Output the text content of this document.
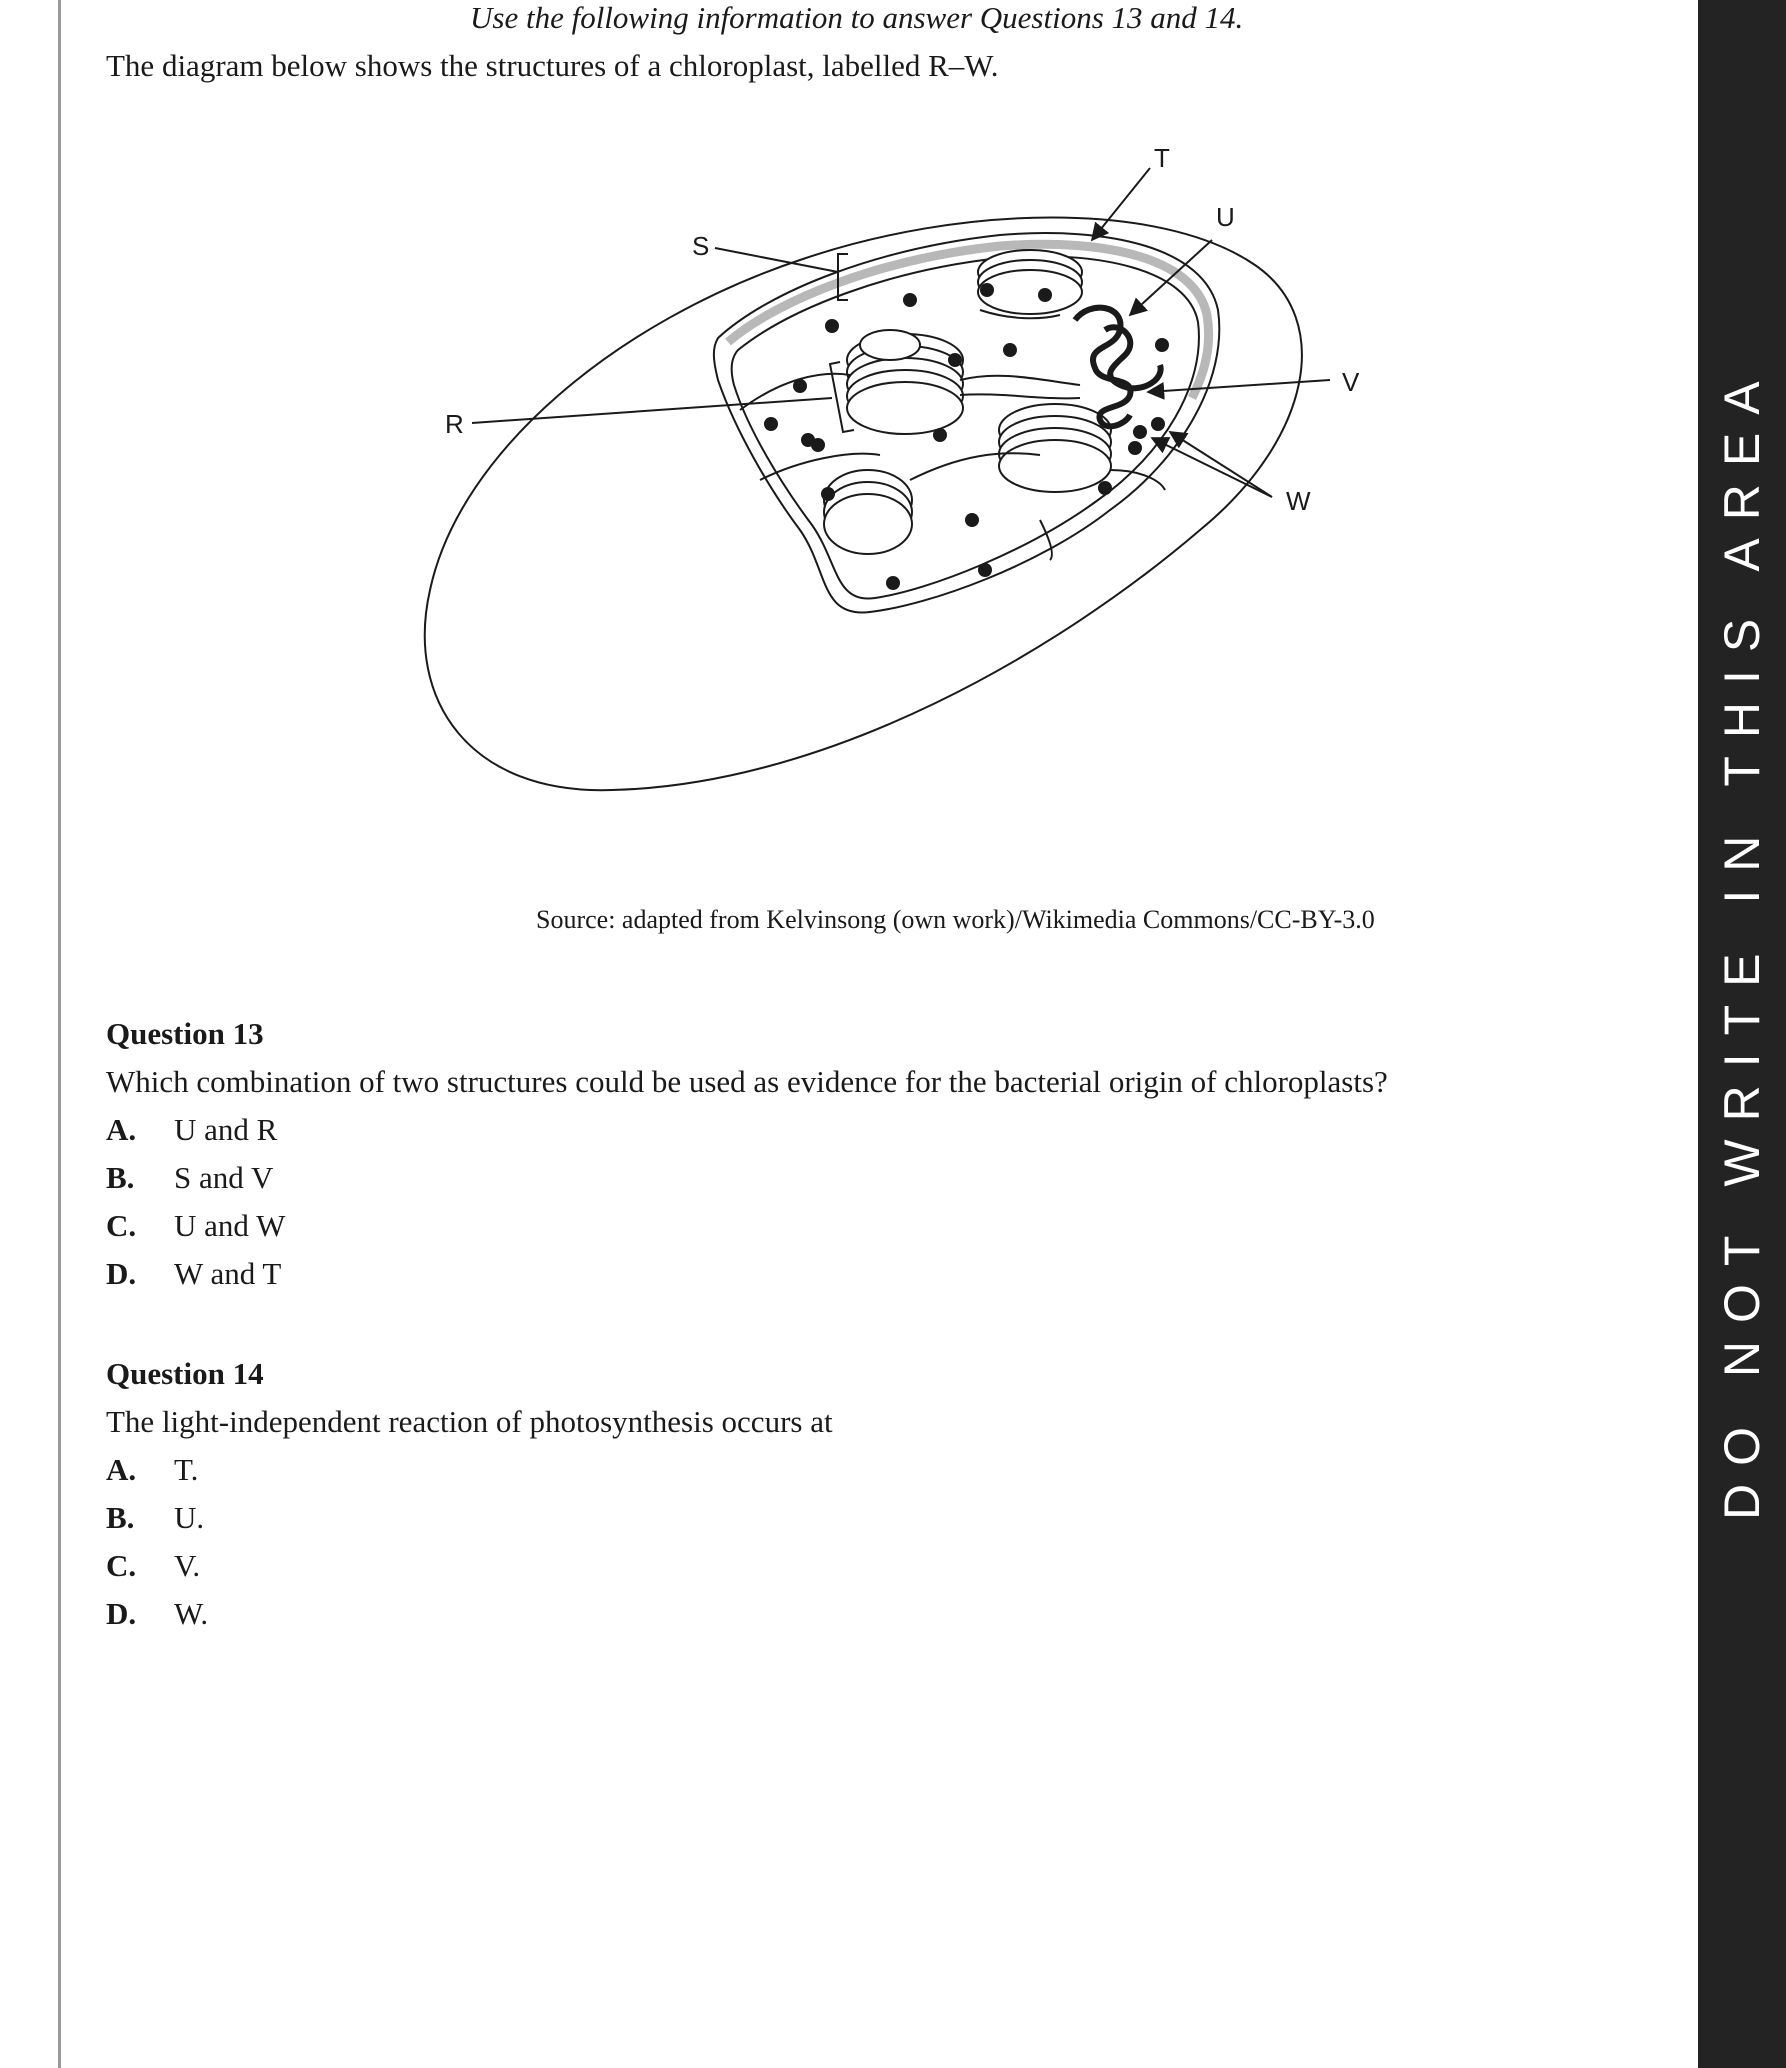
DO NOT WRITE IN THIS AREA
Use the following information to answer Questions 13 and 14.
The diagram below shows the structures of a chloroplast, labelled R–W.
R
S
T
U
V
W
Source: adapted from Kelvinsong (own work)/Wikimedia Commons/CC-BY-3.0
Question 13
Which combination of two structures could be used as evidence for the bacterial origin of chloroplasts?
A. U and R
B. S and V
C. U and W
D. W and T
Question 14
The light-independent reaction of photosynthesis occurs at
A. T.
B. U.
C. V.
D. W.
